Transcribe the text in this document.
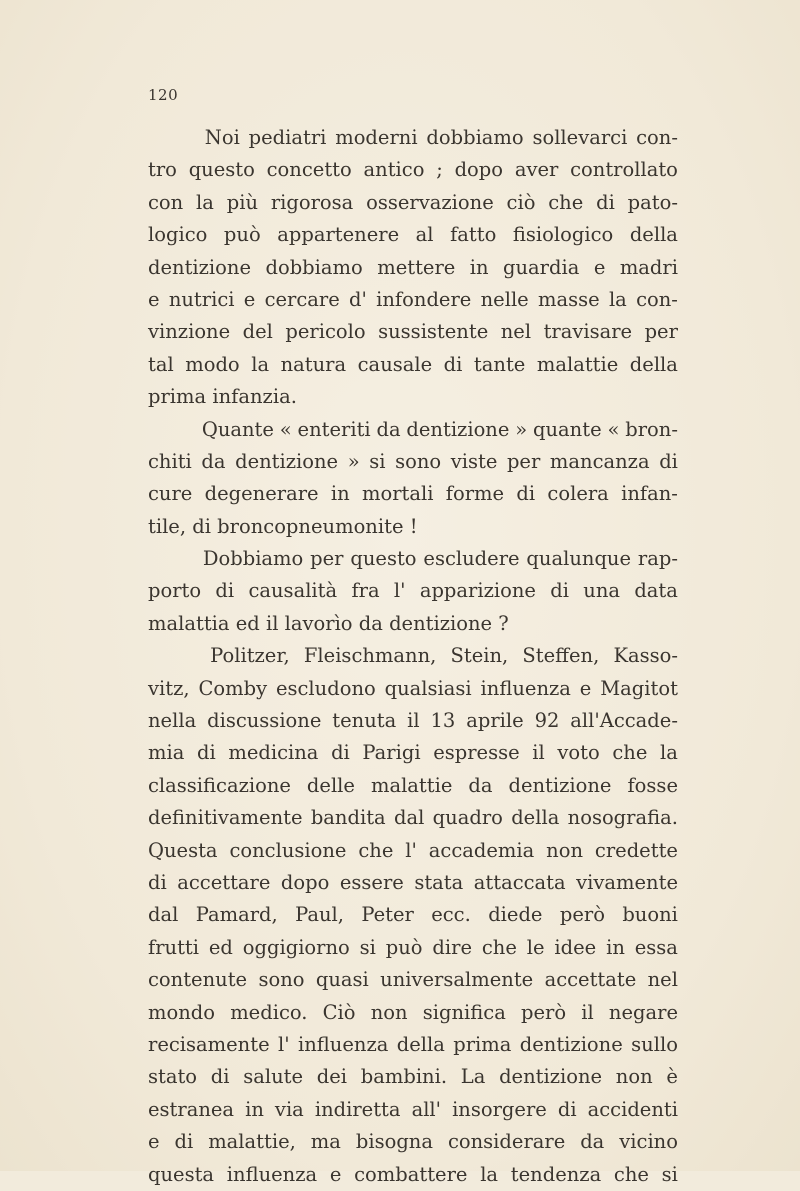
120
Noi pediatri moderni dobbiamo sollevarci con-
tro questo concetto antico ; dopo aver controllato
con la più rigorosa osservazione ciò che di pato-
logico può appartenere al fatto fisiologico della
dentizione dobbiamo mettere in guardia e madri
e nutrici e cercare d' infondere nelle masse la con-
vinzione del pericolo sussistente nel travisare per
tal modo la natura causale di tante malattie della
prima infanzia.
Quante « enteriti da dentizione » quante « bron-
chiti da dentizione » si sono viste per mancanza di
cure degenerare in mortali forme di colera infan-
tile, di broncopneumonite !
Dobbiamo per questo escludere qualunque rap-
porto di causalità fra l' apparizione di una data
malattia ed il lavorìo da dentizione ?
Politzer, Fleischmann, Stein, Steffen, Kasso-
vitz, Comby escludono qualsiasi influenza e Magitot
nella discussione tenuta il 13 aprile 92 all'Accade-
mia di medicina di Parigi espresse il voto che la
classificazione delle malattie da dentizione fosse
definitivamente bandita dal quadro della nosografia.
Questa conclusione che l' accademia non credette
di accettare dopo essere stata attaccata vivamente
dal Pamard, Paul, Peter ecc. diede però buoni
frutti ed oggigiorno si può dire che le idee in essa
contenute sono quasi universalmente accettate nel
mondo medico. Ciò non significa però il negare
recisamente l' influenza della prima dentizione sullo
stato di salute dei bambini. La dentizione non è
estranea in via indiretta all' insorgere di accidenti
e di malattie, ma bisogna considerare da vicino
questa influenza e combattere la tendenza che si
